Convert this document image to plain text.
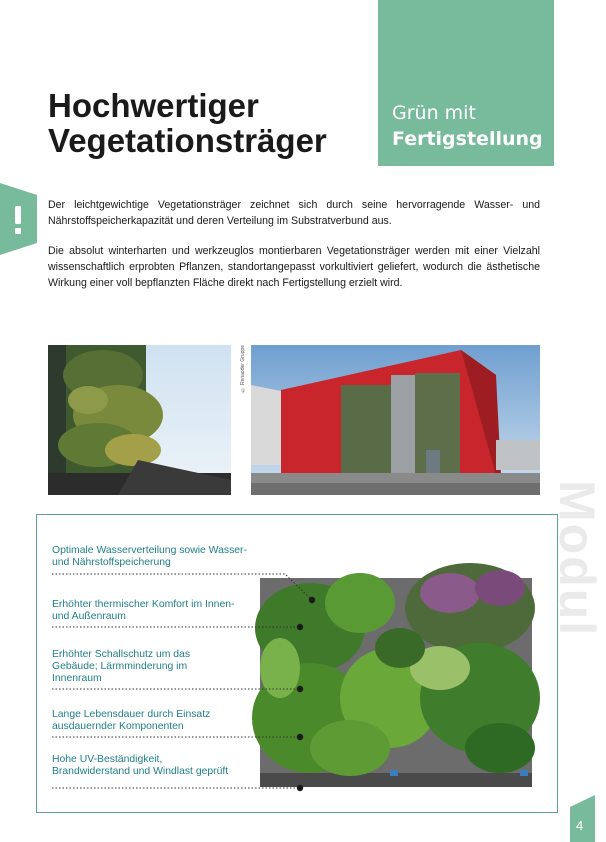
Hochwertiger
Vegetationsträger
Grün mit
Fertigstellung

Der leichtgewichtige Vegetationsträger zeichnet sich durch seine hervorragende Wasser- und Nährstoffspeicherkapazität und deren Verteilung im Substratverbund aus.

Die absolut winterharten und werkzeuglos montierbaren Vegetationsträger werden mit einer Vielzahl wissenschaftlich erprobten Pflanzen, standortangepasst vorkultiviert geliefert, wodurch die ästhetische Wirkung einer voll bepflanzten Fläche direkt nach Fertigstellung erzielt wird.

© Renaoder Gruppe
Modul
Optimale Wasserverteilung sowie Wasser- und Nährstoffspeicherung
Erhöhter thermischer Komfort im Innen- und Außenraum
Erhöhter Schallschutz um das Gebäude; Lärmminderung im Innenraum
Lange Lebensdauer durch Einsatz ausdauernder Komponenten
Hohe UV-Beständigkeit, Brandwiderstand und Windlast geprüft
4
